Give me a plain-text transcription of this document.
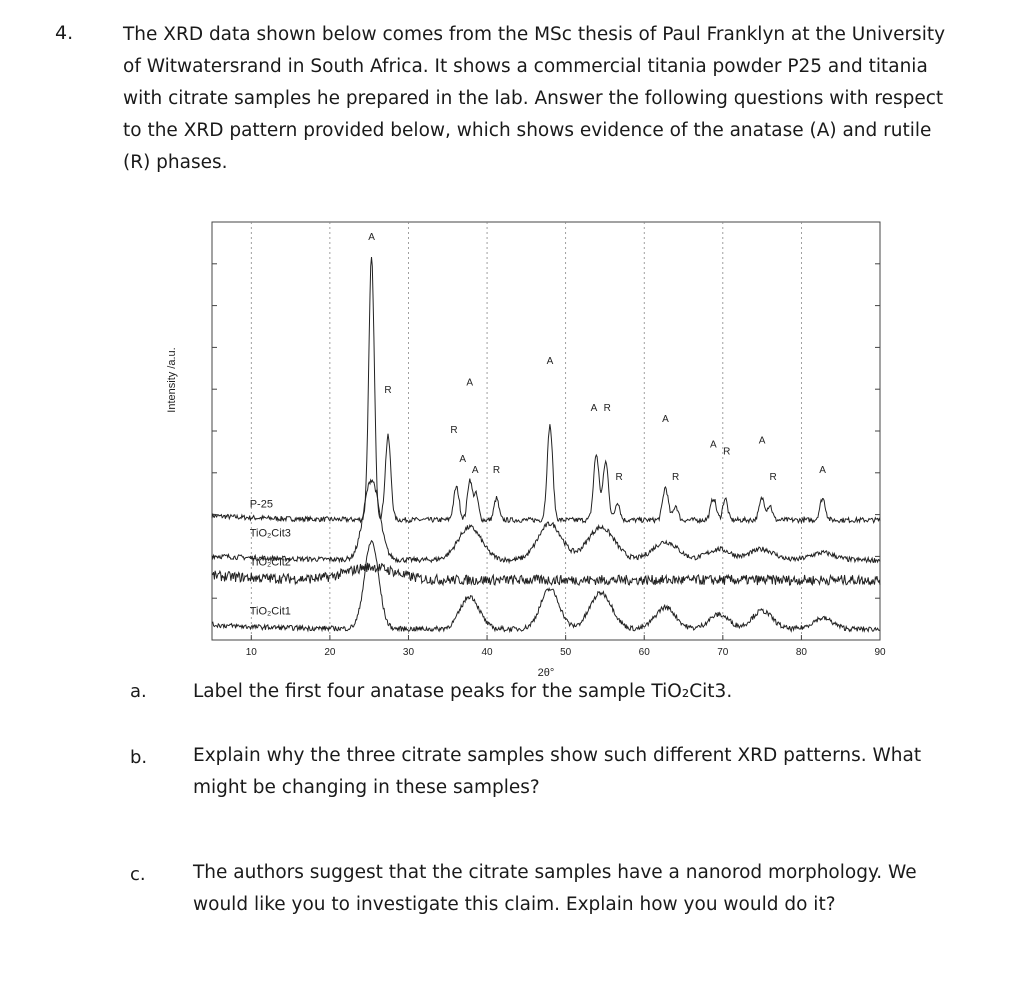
4.	The XRD data shown below comes from the MSc thesis of Paul Franklyn at the University
of Witwatersrand in South Africa. It shows a commercial titania powder P25 and titania
with citrate samples he prepared in the lab. Answer the following questions with respect
to the XRD pattern provided below, which shows evidence of the anatase (A) and rutile
(R) phases.
10	20	30	40	50	60	70	80	90
P-25
TiO₂Cit3
TiO₂Cit2
TiO₂Cit1
A
R
R
A
A
A R
A
A R
R
A
R
A
R
A
R
A
Intensity /a.u.
2θ°
a. Label the first four anatase peaks for the sample TiO₂Cit3.
b. Explain why the three citrate samples show such different XRD patterns. What
might be changing in these samples?
c.	The authors suggest that the citrate samples have a nanorod morphology. We
would like you to investigate this claim. Explain how you would do it?
